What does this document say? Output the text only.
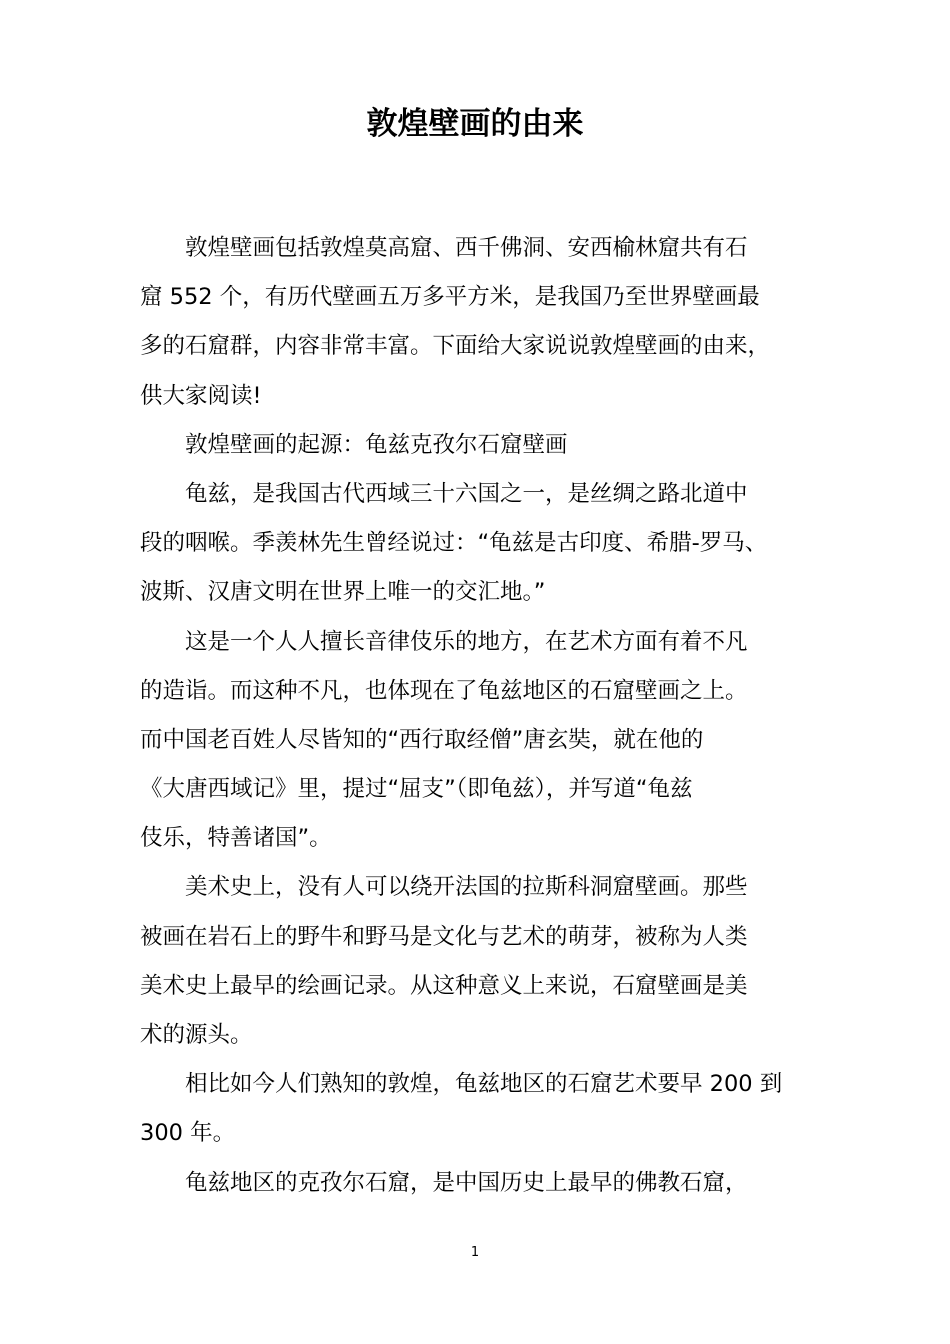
敦煌壁画的由来

敦煌壁画包括敦煌莫高窟、西千佛洞、安西榆林窟共有石

窟 552 个，有历代壁画五万多平方米，是我国乃至世界壁画最

多的石窟群，内容非常丰富。下面给大家说说敦煌壁画的由来，

供大家阅读!

敦煌壁画的起源：龟兹克孜尔石窟壁画

龟兹，是我国古代西域三十六国之一，是丝绸之路北道中

段的咽喉。季羡林先生曾经说过：“龟兹是古印度、希腊-罗马、

波斯、汉唐文明在世界上唯一的交汇地。”

这是一个人人擅长音律伎乐的地方，在艺术方面有着不凡

的造诣。而这种不凡，也体现在了龟兹地区的石窟壁画之上。

而中国老百姓人尽皆知的“西行取经僧”唐玄奘，就在他的

《大唐西域记》里，提过“屈支”（即龟兹），并写道“龟兹

伎乐，特善诸国”。

美术史上，没有人可以绕开法国的拉斯科洞窟壁画。那些

被画在岩石上的野牛和野马是文化与艺术的萌芽，被称为人类

美术史上最早的绘画记录。从这种意义上来说，石窟壁画是美

术的源头。

相比如今人们熟知的敦煌，龟兹地区的石窟艺术要早 200 到

300 年。

龟兹地区的克孜尔石窟，是中国历史上最早的佛教石窟，

1
